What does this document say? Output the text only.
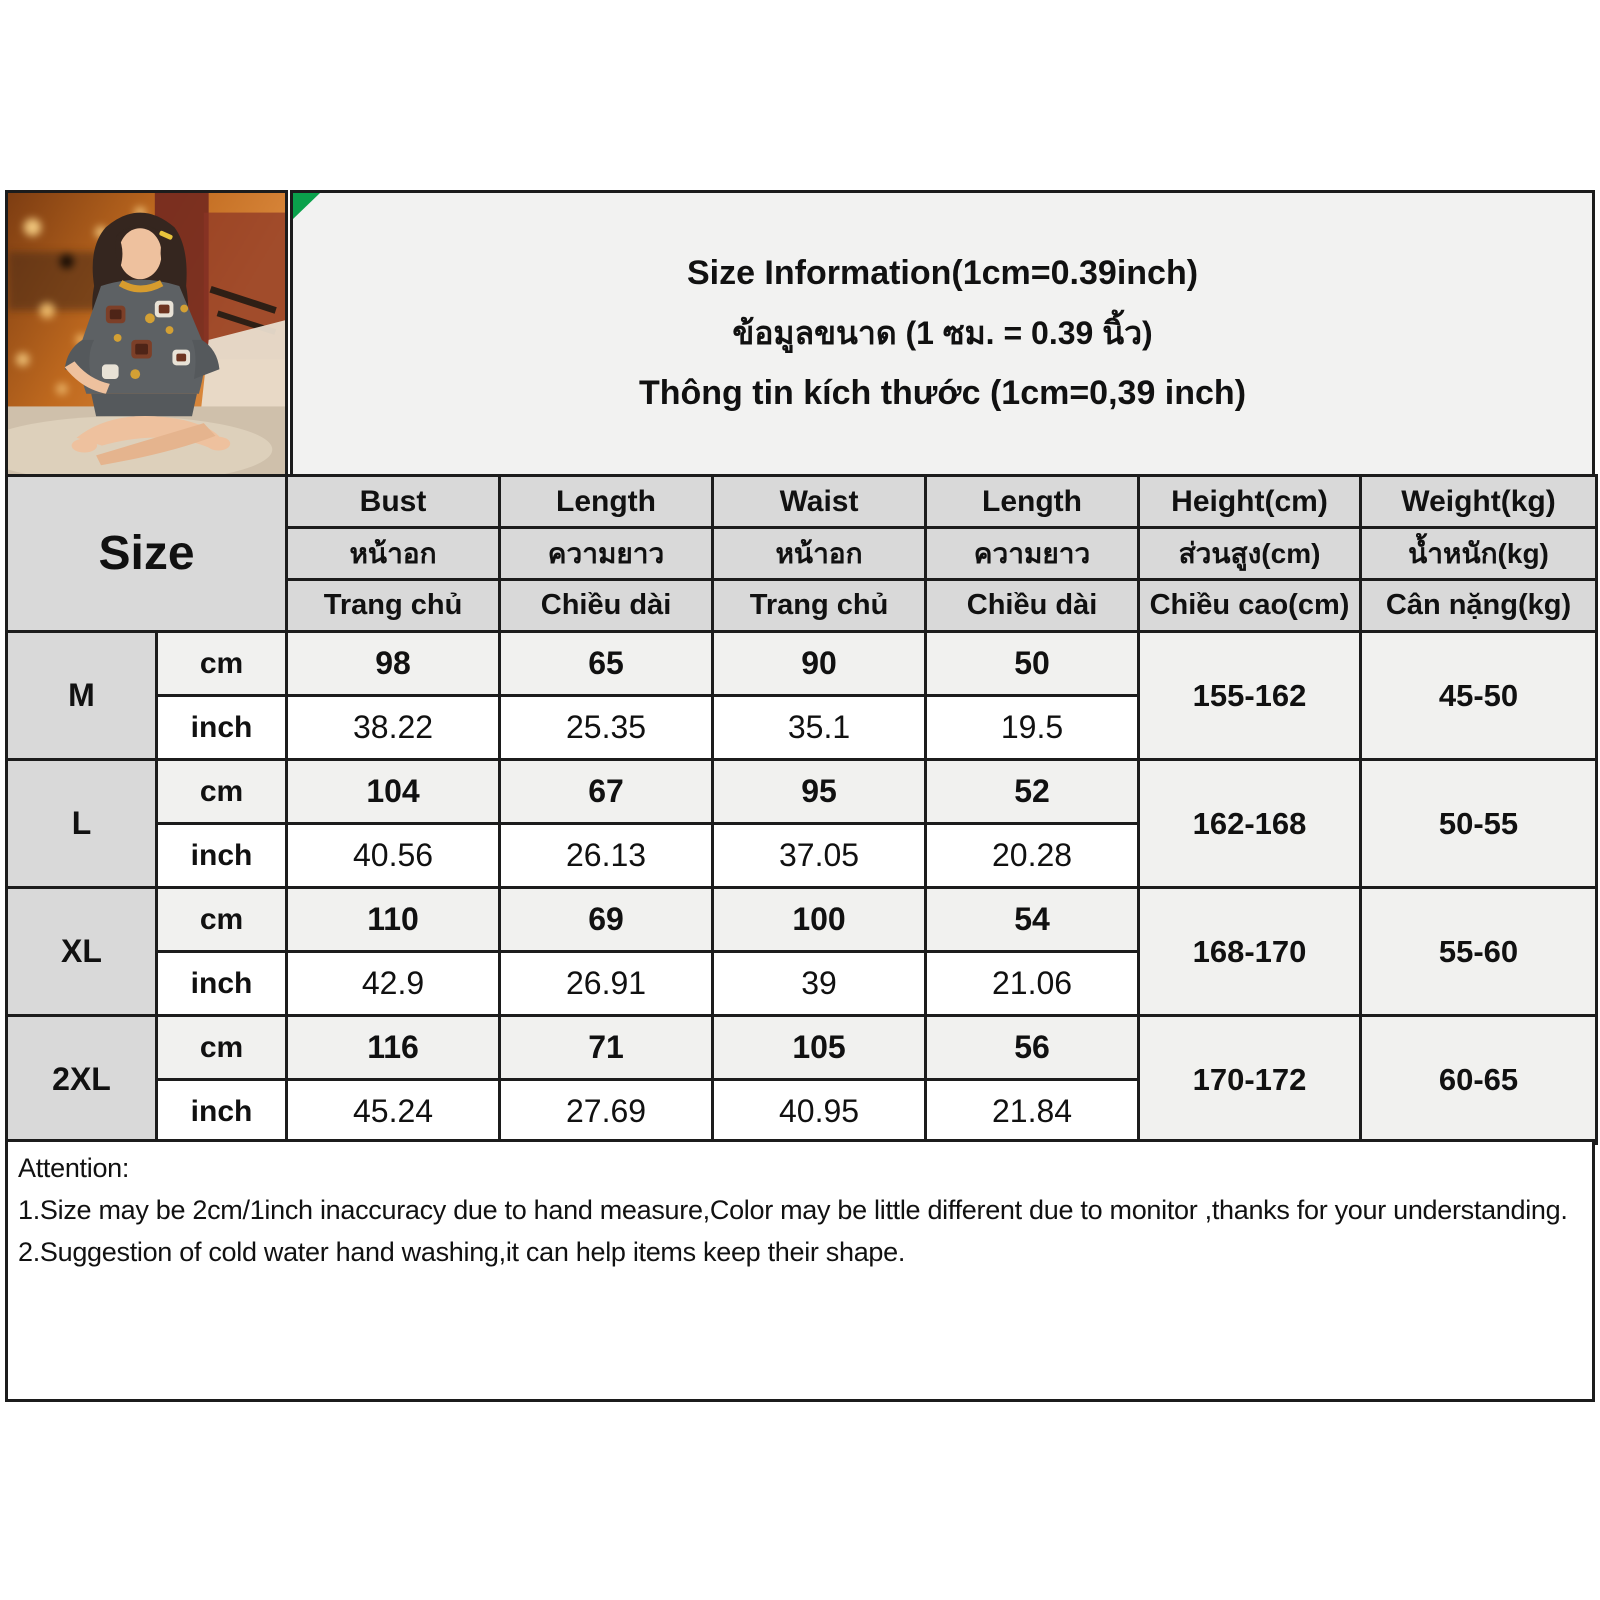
Size Information(1cm=0.39inch)
ข้อมูลขนาด (1 ซม. = 0.39 นิ้ว)
Thông tin kích thước (1cm=0,39 inch)
Size		Bust	Length	Waist	Length	Height(cm)	Weight(kg)
		หน้าอก	ความยาว	หน้าอก	ความยาว	ส่วนสูง(cm)	น้ำหนัก(kg)
		Trang chủ	Chiều dài	Trang chủ	Chiều dài	Chiều cao(cm)	Cân nặng(kg)
M	cm	98	65	90	50	155-162	45-50
	inch	38.22	25.35	35.1	19.5		
L	cm	104	67	95	52	162-168	50-55
	inch	40.56	26.13	37.05	20.28		
XL	cm	110	69	100	54	168-170	55-60
	inch	42.9	26.91	39	21.06		
2XL	cm	116	71	105	56	170-172	60-65
	inch	45.24	27.69	40.95	21.84		

Attention:

1.Size may be 2cm/1inch inaccuracy due to hand measure,Color may be little different due to monitor ,thanks for your understanding.

2.Suggestion of cold water hand washing,it can help items keep their shape.
